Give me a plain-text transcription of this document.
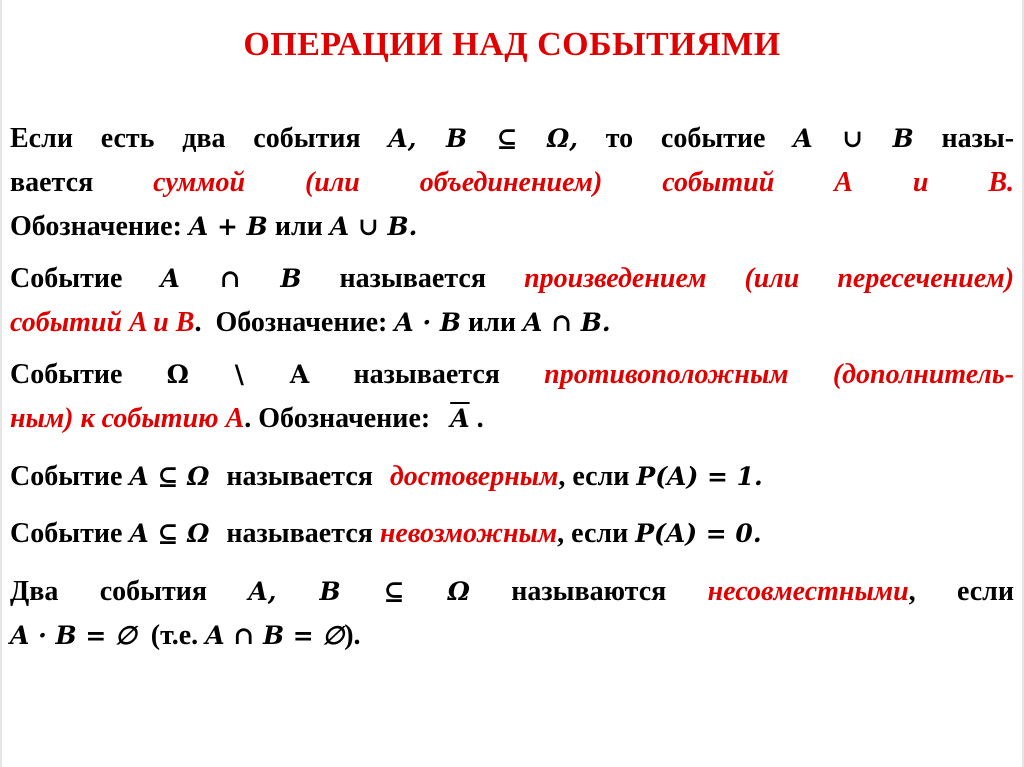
ОПЕРАЦИИ НАД СОБЫТИЯМИ
Если есть два события A, B ⊆ Ω, то событие A ∪ B назы-
вается суммой (или объединением) событий A и B.
Обозначение: A + B или A ∪ B.
Событие A ∩ B называется произведением (или пересечением)
событий A и B. Обозначение: A · B или A ∩ B.
Событие Ω \ A называется противоположным (дополнитель-
ным) к событию A. Обозначение: $\overline{A}$ .
Событие A ⊆ Ω называется достоверным, если P(A) = 1.
Событие A ⊆ Ω называется невозможным, если P(A) = 0.
Два события A, B ⊆ Ω называются несовместными, если
A · B = ∅ (т.е. A ∩ B = ∅).
